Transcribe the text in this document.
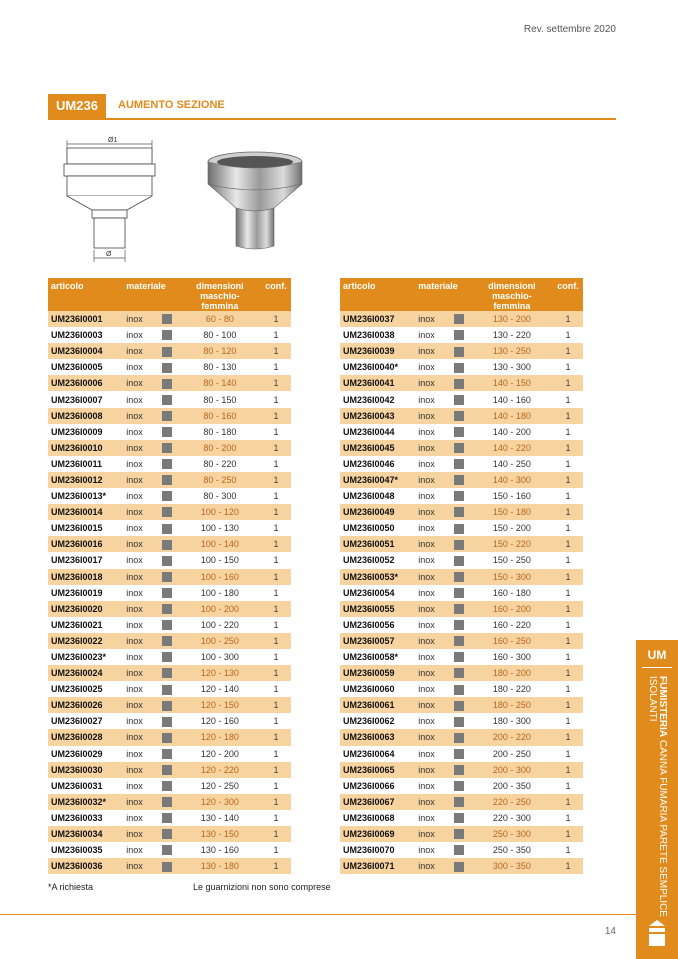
Rev. settembre 2020
UM236	AUMENTO SEZIONE
Ø1
Ø
articolo	materiale		dimensioni maschio-femmina	conf.
UM236I0001	inox		60 - 80	1
UM236I0003	inox		80 - 100	1
UM236I0004	inox		80 - 120	1
UM236I0005	inox		80 - 130	1
UM236I0006	inox		80 - 140	1
UM236I0007	inox		80 - 150	1
UM236I0008	inox		80 - 160	1
UM236I0009	inox		80 - 180	1
UM236I0010	inox		80 - 200	1
UM236I0011	inox		80 - 220	1
UM236I0012	inox		80 - 250	1
UM236I0013*	inox		80 - 300	1
UM236I0014	inox		100 - 120	1
UM236I0015	inox		100 - 130	1
UM236I0016	inox		100 - 140	1
UM236I0017	inox		100 - 150	1
UM236I0018	inox		100 - 160	1
UM236I0019	inox		100 - 180	1
UM236I0020	inox		100 - 200	1
UM236I0021	inox		100 - 220	1
UM236I0022	inox		100 - 250	1
UM236I0023*	inox		100 - 300	1
UM236I0024	inox		120 - 130	1
UM236I0025	inox		120 - 140	1
UM236I0026	inox		120 - 150	1
UM236I0027	inox		120 - 160	1
UM236I0028	inox		120 - 180	1
UM236I0029	inox		120 - 200	1
UM236I0030	inox		120 - 220	1
UM236I0031	inox		120 - 250	1
UM236I0032*	inox		120 - 300	1
UM236I0033	inox		130 - 140	1
UM236I0034	inox		130 - 150	1
UM236I0035	inox		130 - 160	1
UM236I0036	inox		130 - 180	1
articolo	materiale		dimensioni maschio-femmina	conf.
UM236I0037	inox		130 - 200	1
UM236I0038	inox		130 - 220	1
UM236I0039	inox		130 - 250	1
UM236I0040*	inox		130 - 300	1
UM236I0041	inox		140 - 150	1
UM236I0042	inox		140 - 160	1
UM236I0043	inox		140 - 180	1
UM236I0044	inox		140 - 200	1
UM236I0045	inox		140 - 220	1
UM236I0046	inox		140 - 250	1
UM236I0047*	inox		140 - 300	1
UM236I0048	inox		150 - 160	1
UM236I0049	inox		150 - 180	1
UM236I0050	inox		150 - 200	1
UM236I0051	inox		150 - 220	1
UM236I0052	inox		150 - 250	1
UM236I0053*	inox		150 - 300	1
UM236I0054	inox		160 - 180	1
UM236I0055	inox		160 - 200	1
UM236I0056	inox		160 - 220	1
UM236I0057	inox		160 - 250	1
UM236I0058*	inox		160 - 300	1
UM236I0059	inox		180 - 200	1
UM236I0060	inox		180 - 220	1
UM236I0061	inox		180 - 250	1
UM236I0062	inox		180 - 300	1
UM236I0063	inox		200 - 220	1
UM236I0064	inox		200 - 250	1
UM236I0065	inox		200 - 300	1
UM236I0066	inox		200 - 350	1
UM236I0067	inox		220 - 250	1
UM236I0068	inox		220 - 300	1
UM236I0069	inox		250 - 300	1
UM236I0070	inox		250 - 350	1
UM236I0071	inox		300 - 350	1
*A richiesta	Le guarnizioni non sono comprese
14
UM
FUMISTERIA CANNA FUMARIA PARETE SEMPLICE ISOLANTI
